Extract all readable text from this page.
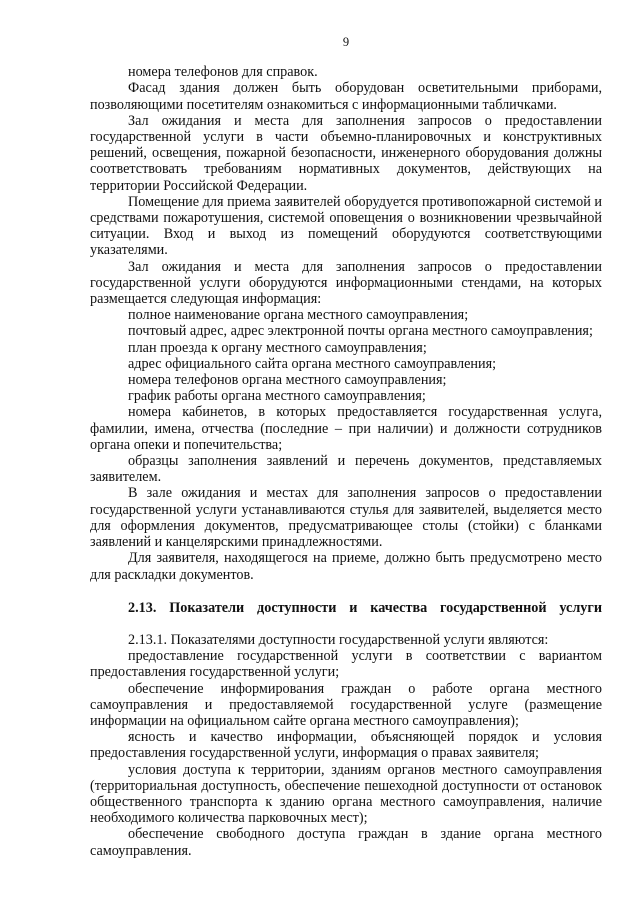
9

номера телефонов для справок.

Фасад здания должен быть оборудован осветительными приборами, позволяющими посетителям ознакомиться с информационными табличками.

Зал ожидания и места для заполнения запросов о предоставлении государственной услуги в части объемно-планировочных и конструктивных решений, освещения, пожарной безопасности, инженерного оборудования должны соответствовать требованиям нормативных документов, действующих на территории Российской Федерации.

Помещение для приема заявителей оборудуется противопожарной системой и средствами пожаротушения, системой оповещения о возникновении чрезвычайной ситуации. Вход и выход из помещений оборудуются соответствующими указателями.

Зал ожидания и места для заполнения запросов о предоставлении государственной услуги оборудуются информационными стендами, на которых размещается следующая информация:

полное наименование органа местного самоуправления;

почтовый адрес, адрес электронной почты органа местного самоуправления;

план проезда к органу местного самоуправления;

адрес официального сайта органа местного самоуправления;

номера телефонов органа местного самоуправления;

график работы органа местного самоуправления;

номера кабинетов, в которых предоставляется государственная услуга, фамилии, имена, отчества (последние – при наличии) и должности сотрудников органа опеки и попечительства;

образцы заполнения заявлений и перечень документов, представляемых заявителем.

В зале ожидания и местах для заполнения запросов о предоставлении государственной услуги устанавливаются стулья для заявителей, выделяется место для оформления документов, предусматривающее столы (стойки) с бланками заявлений и канцелярскими принадлежностями.

Для заявителя, находящегося на приеме, должно быть предусмотрено место для раскладки документов.

2.13. Показатели доступности и качества государственной услуги

2.13.1. Показателями доступности государственной услуги являются:

предоставление государственной услуги в соответствии с вариантом предоставления государственной услуги;

обеспечение информирования граждан о работе органа местного самоуправления и предоставляемой государственной услуге (размещение информации на официальном сайте органа местного самоуправления);

ясность и качество информации, объясняющей порядок и условия предоставления государственной услуги, информация о правах заявителя;

условия доступа к территории, зданиям органов местного самоуправления (территориальная доступность, обеспечение пешеходной доступности от остановок общественного транспорта к зданию органа местного самоуправления, наличие необходимого количества парковочных мест);

обеспечение свободного доступа граждан в здание органа местного самоуправления.
